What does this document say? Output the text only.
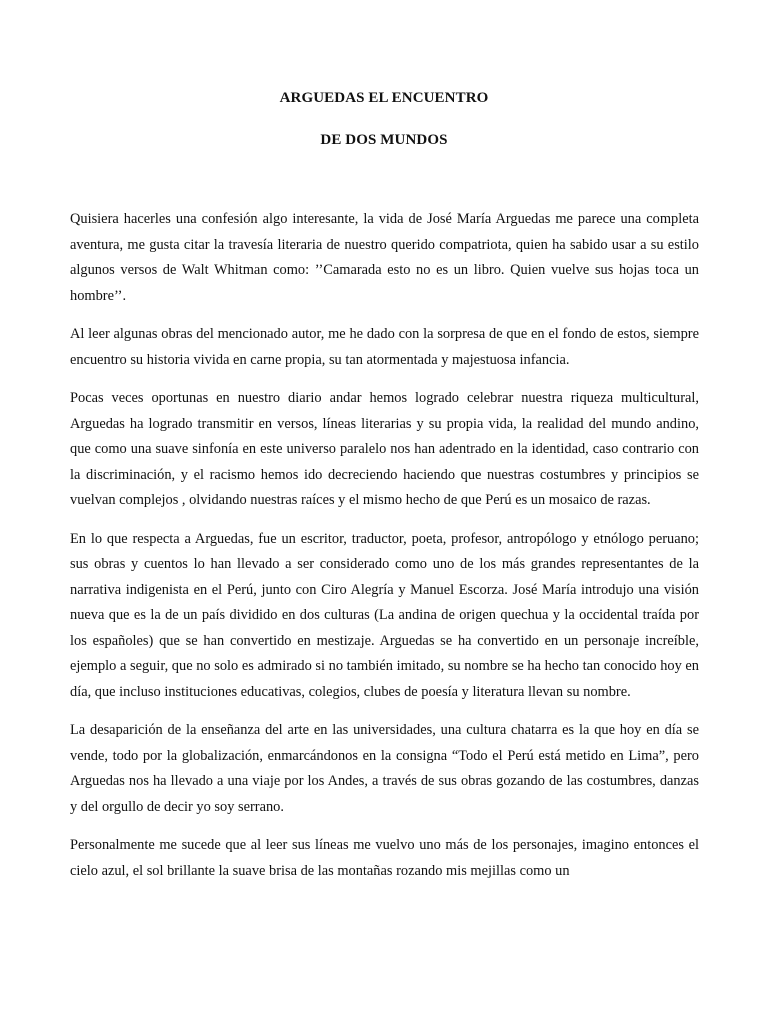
ARGUEDAS EL ENCUENTRO
DE DOS MUNDOS

Quisiera hacerles una confesión algo interesante, la vida de José María Arguedas me parece una completa aventura, me gusta citar la travesía literaria de nuestro querido compatriota, quien ha sabido usar a su estilo algunos versos de Walt Whitman como: ’’Camarada esto no es un libro. Quien vuelve sus hojas toca un hombre’’.

Al leer algunas obras del mencionado autor, me he dado con la sorpresa de que en el fondo de estos, siempre encuentro su historia vivida en carne propia, su tan atormentada y majestuosa infancia.

Pocas veces oportunas en nuestro diario andar hemos logrado celebrar nuestra riqueza multicultural, Arguedas ha logrado transmitir en versos, líneas literarias y su propia vida, la realidad del mundo andino, que como una suave sinfonía en este universo paralelo nos han adentrado en la identidad, caso contrario con la discriminación, y el racismo hemos ido decreciendo haciendo que nuestras costumbres y principios se vuelvan complejos , olvidando nuestras raíces y el mismo hecho de que Perú es un mosaico de razas.

En lo que respecta a Arguedas, fue un escritor, traductor, poeta, profesor, antropólogo y etnólogo peruano; sus obras y cuentos lo han llevado a ser considerado como uno de los más grandes representantes de la narrativa indigenista en el Perú, junto con Ciro Alegría y Manuel Escorza. José María introdujo una visión nueva que es la de un país dividido en dos culturas (La andina de origen quechua y la occidental traída por los españoles) que se han convertido en mestizaje. Arguedas se ha convertido en un personaje increíble, ejemplo a seguir, que no solo es admirado si no también imitado, su nombre se ha hecho tan conocido hoy en día, que incluso instituciones educativas, colegios, clubes de poesía y literatura llevan su nombre.

La desaparición de la enseñanza del arte en las universidades, una cultura chatarra es la que hoy en día se vende, todo por la globalización, enmarcándonos en la consigna “Todo el Perú está metido en Lima”, pero Arguedas nos ha llevado a una viaje por los Andes, a través de sus obras gozando de las costumbres, danzas y del orgullo de decir yo soy serrano.

Personalmente me sucede que al leer sus líneas me vuelvo uno más de los personajes, imagino entonces el cielo azul, el sol brillante la suave brisa de las montañas rozando mis mejillas como un
